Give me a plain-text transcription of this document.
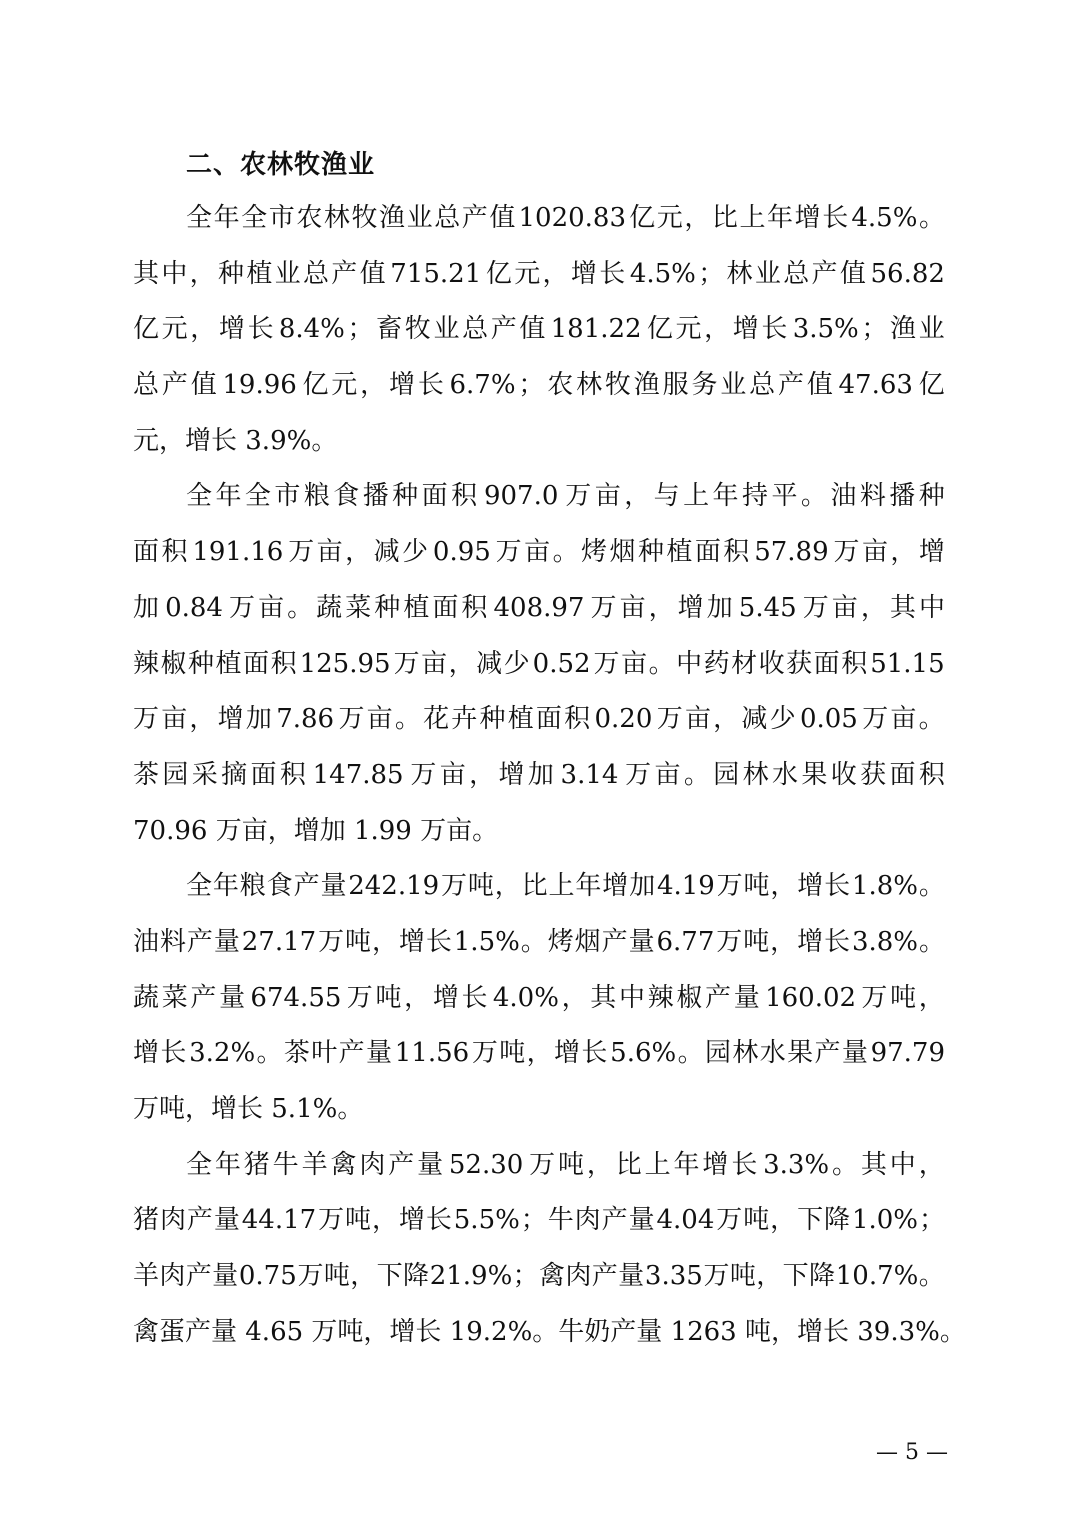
二、农林牧渔业
全 年 全 市 农 林 牧 渔 业 总 产 值 1020.83 亿 元 ， 比 上 年 增 长 4.5% 。
其 中 ， 种 植 业 总 产 值 715.21 亿 元 ， 增 长 4.5% ； 林 业 总 产 值 56.82
亿 元 ， 增 长 8.4% ； 畜 牧 业 总 产 值 181.22 亿 元 ， 增 长 3.5% ； 渔 业
总 产 值 19.96 亿 元 ， 增 长 6.7% ； 农 林 牧 渔 服 务 业 总 产 值 47.63 亿
元，增长 3.9%。
全 年 全 市 粮 食 播 种 面 积 907.0 万 亩 ， 与 上 年 持 平 。 油 料 播 种
面 积 191.16 万 亩 ， 减 少 0.95 万 亩 。 烤 烟 种 植 面 积 57.89 万 亩 ， 增
加 0.84 万 亩 。 蔬 菜 种 植 面 积 408.97 万 亩 ， 增 加 5.45 万 亩 ， 其 中
辣 椒 种 植 面 积 125.95 万 亩 ， 减 少 0.52 万 亩 。 中 药 材 收 获 面 积 51.15
万 亩 ， 增 加 7.86 万 亩 。 花 卉 种 植 面 积 0.20 万 亩 ， 减 少 0.05 万 亩 。
茶 园 采 摘 面 积 147.85 万 亩 ， 增 加 3.14 万 亩 。 园 林 水 果 收 获 面 积
70.96 万亩，增加 1.99 万亩。
全 年 粮 食 产 量 242.19 万 吨 ， 比 上 年 增 加 4.19 万 吨 ， 增 长 1.8% 。
油 料 产 量 27.17 万 吨 ， 增 长 1.5% 。 烤 烟 产 量 6.77 万 吨 ， 增 长 3.8% 。
蔬 菜 产 量 674.55 万 吨 ， 增 长 4.0% ， 其 中 辣 椒 产 量 160.02 万 吨 ，
增 长 3.2% 。 茶 叶 产 量 11.56 万 吨 ， 增 长 5.6% 。 园 林 水 果 产 量 97.79
万吨，增长 5.1%。
全 年 猪 牛 羊 禽 肉 产 量 52.30 万 吨 ， 比 上 年 增 长 3.3% 。 其 中 ，
猪 肉 产 量 44.17 万 吨 ， 增 长 5.5% ； 牛 肉 产 量 4.04 万 吨 ， 下 降 1.0% ；
羊 肉 产 量 0.75 万 吨 ， 下 降 21.9% ； 禽 肉 产 量 3.35 万 吨 ， 下 降 10.7% 。
禽蛋产量 4.65 万吨，增长 19.2%。牛奶产量 1263 吨，增长 39.3%。
— 5 —
